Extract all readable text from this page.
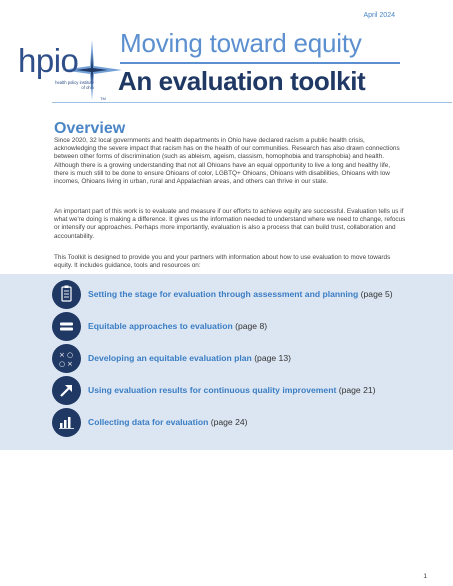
April 2024
hpio
health policy institute
of ohio
TM
Moving toward equity
An evaluation toolkit
Overview
Since 2020, 32 local governments and health departments in Ohio have declared racism a public health crisis, acknowledging the severe impact that racism has on the health of our communities. Research has also drawn connections between other forms of discrimination (such as ableism, ageism, classism, homophobia and transphobia) and health. Although there is a growing understanding that not all Ohioans have an equal opportunity to live a long and healthy life, there is much still to be done to ensure Ohioans of color, LGBTQ+ Ohioans, Ohioans with disabilities, Ohioans with low incomes, Ohioans living in urban, rural and Appalachian areas, and others can thrive in our state.
An important part of this work is to evaluate and measure if our efforts to achieve equity are successful. Evaluation tells us if what we're doing is making a difference. It gives us the information needed to understand where we need to change, refocus or intensify our approaches. Perhaps more importantly, evaluation is also a process that can build trust, collaboration and accountability.
This Toolkit is designed to provide you and your partners with information about how to use evaluation to move towards equity. It includes guidance, tools and resources on:
Setting the stage for evaluation through assessment and planning (page 5)
Equitable approaches to evaluation (page 8)
× ○
○ ×
Developing an equitable evaluation plan (page 13)
Using evaluation results for continuous quality improvement (page 21)
Collecting data for evaluation (page 24)
1
